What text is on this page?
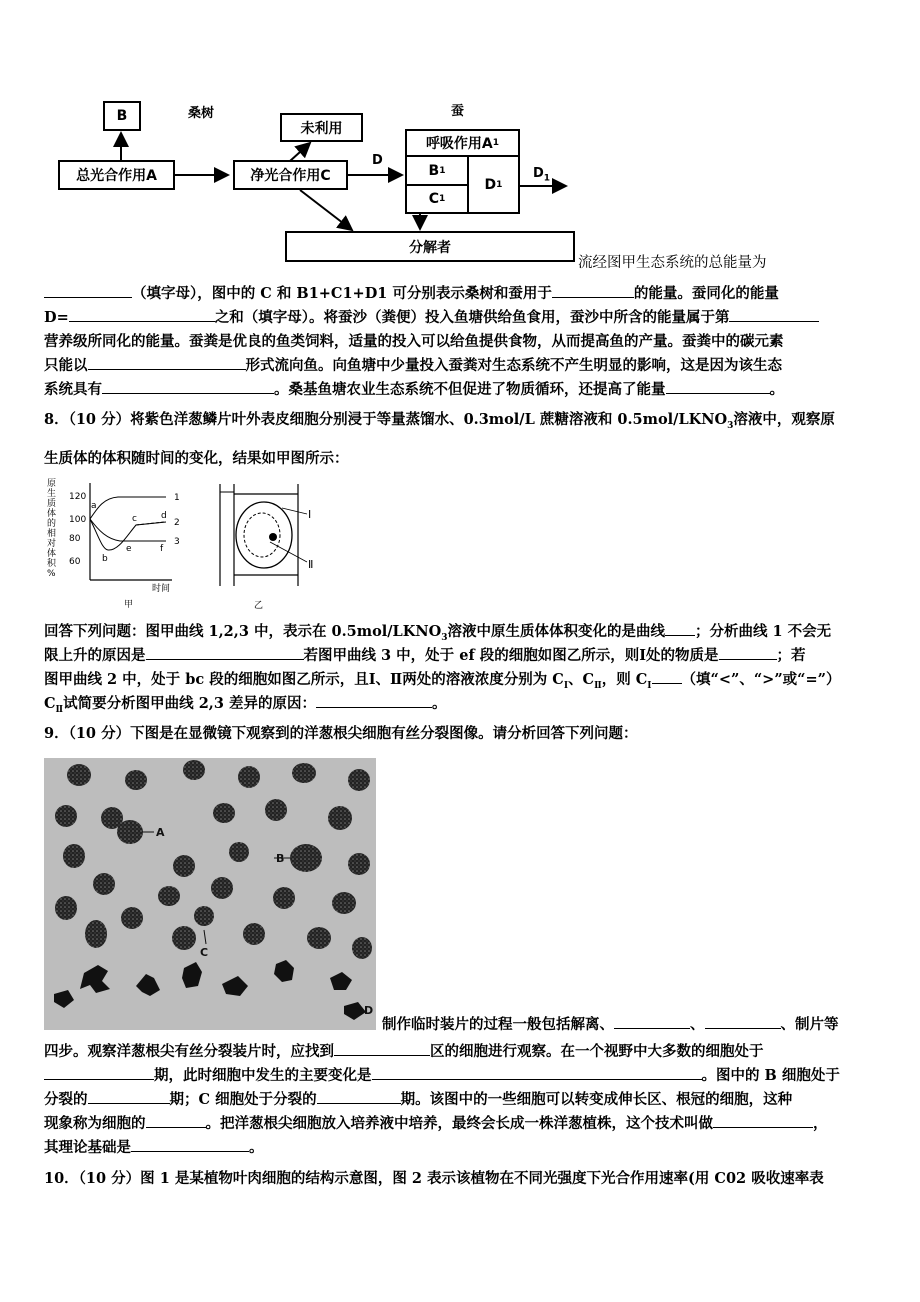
桑树	蚕
B
总光合作用A	净光合作用C
未利用
D
呼吸作用A 1
B 1
C 1
D 1
$D_1$
分解者
流经图甲生态系统的总能量为
（填字母），图中的 C 和 B1+C1+D1 可分别表示桑树和蚕用于	的能量。蚕同化的能量
D=	之和（填字母）。将蚕沙（粪便）投入鱼塘供给鱼食用，蚕沙中所含的能量属于第
营养级所同化的能量。蚕粪是优良的鱼类饲料，适量的投入可以给鱼提供食物，从而提高鱼的产量。蚕粪中的碳元素
只能以	形式流向鱼。向鱼塘中少量投入蚕粪对生态系统不产生明显的影响，这是因为该生态
系统具有	。桑基鱼塘农业生态系统不但促进了物质循环，还提高了能量	。
8．（10 分）将紫色洋葱鳞片叶外表皮细胞分别浸于等量蒸馏水、0.3mol/L 蔗糖溶液和 $0.5mol/LKNO_3$溶液中，观察原
生质体的体积随时间的变化，结果如甲图所示：
原
生
质
体
的
相
对
体
积
%
120
100
80
60
a
b
c	d
e	f
1
2
3
时间
甲
Ⅰ
Ⅱ
乙
回答下列问题：图甲曲线 1,2,3 中，表示在 $0.5mol/LKNO_3$溶液中原生质体体积变化的是曲线 ；分析曲线 1 不会无
限上升的原因是	若图甲曲线 3 中，处于 ef 段的细胞如图乙所示，则Ⅰ处的物质是	；若
图甲曲线 2 中，处于 bc 段的细胞如图乙所示，且Ⅰ、Ⅱ两处的溶液浓度分别为 $C_Ⅰ$、$C_Ⅱ$，则 $C_Ⅰ$ （填“<”、“>”或“=”）
$C_Ⅱ$试简要分析图甲曲线 2,3 差异的原因：	。
9．（10 分）下图是在显微镜下观察到的洋葱根尖细胞有丝分裂图像。请分析回答下列问题：
A
B
C
D
制作临时装片的过程一般包括解离、	、	、制片等
四步。观察洋葱根尖有丝分裂装片时，应找到	区的细胞进行观察。在一个视野中大多数的细胞处于
期，此时细胞中发生的主要变化是	。图中的 B 细胞处于
分裂的	期；C 细胞处于分裂的	期。该图中的一些细胞可以转变成伸长区、根冠的细胞，这种
现象称为细胞的	。把洋葱根尖细胞放入培养液中培养，最终会长成一株洋葱植株，这个技术叫做	，
其理论基础是	。
10．（10 分）图 1 是某植物叶肉细胞的结构示意图，图 2 表示该植物在不同光强度下光合作用速率(用 C02 吸收速率表
